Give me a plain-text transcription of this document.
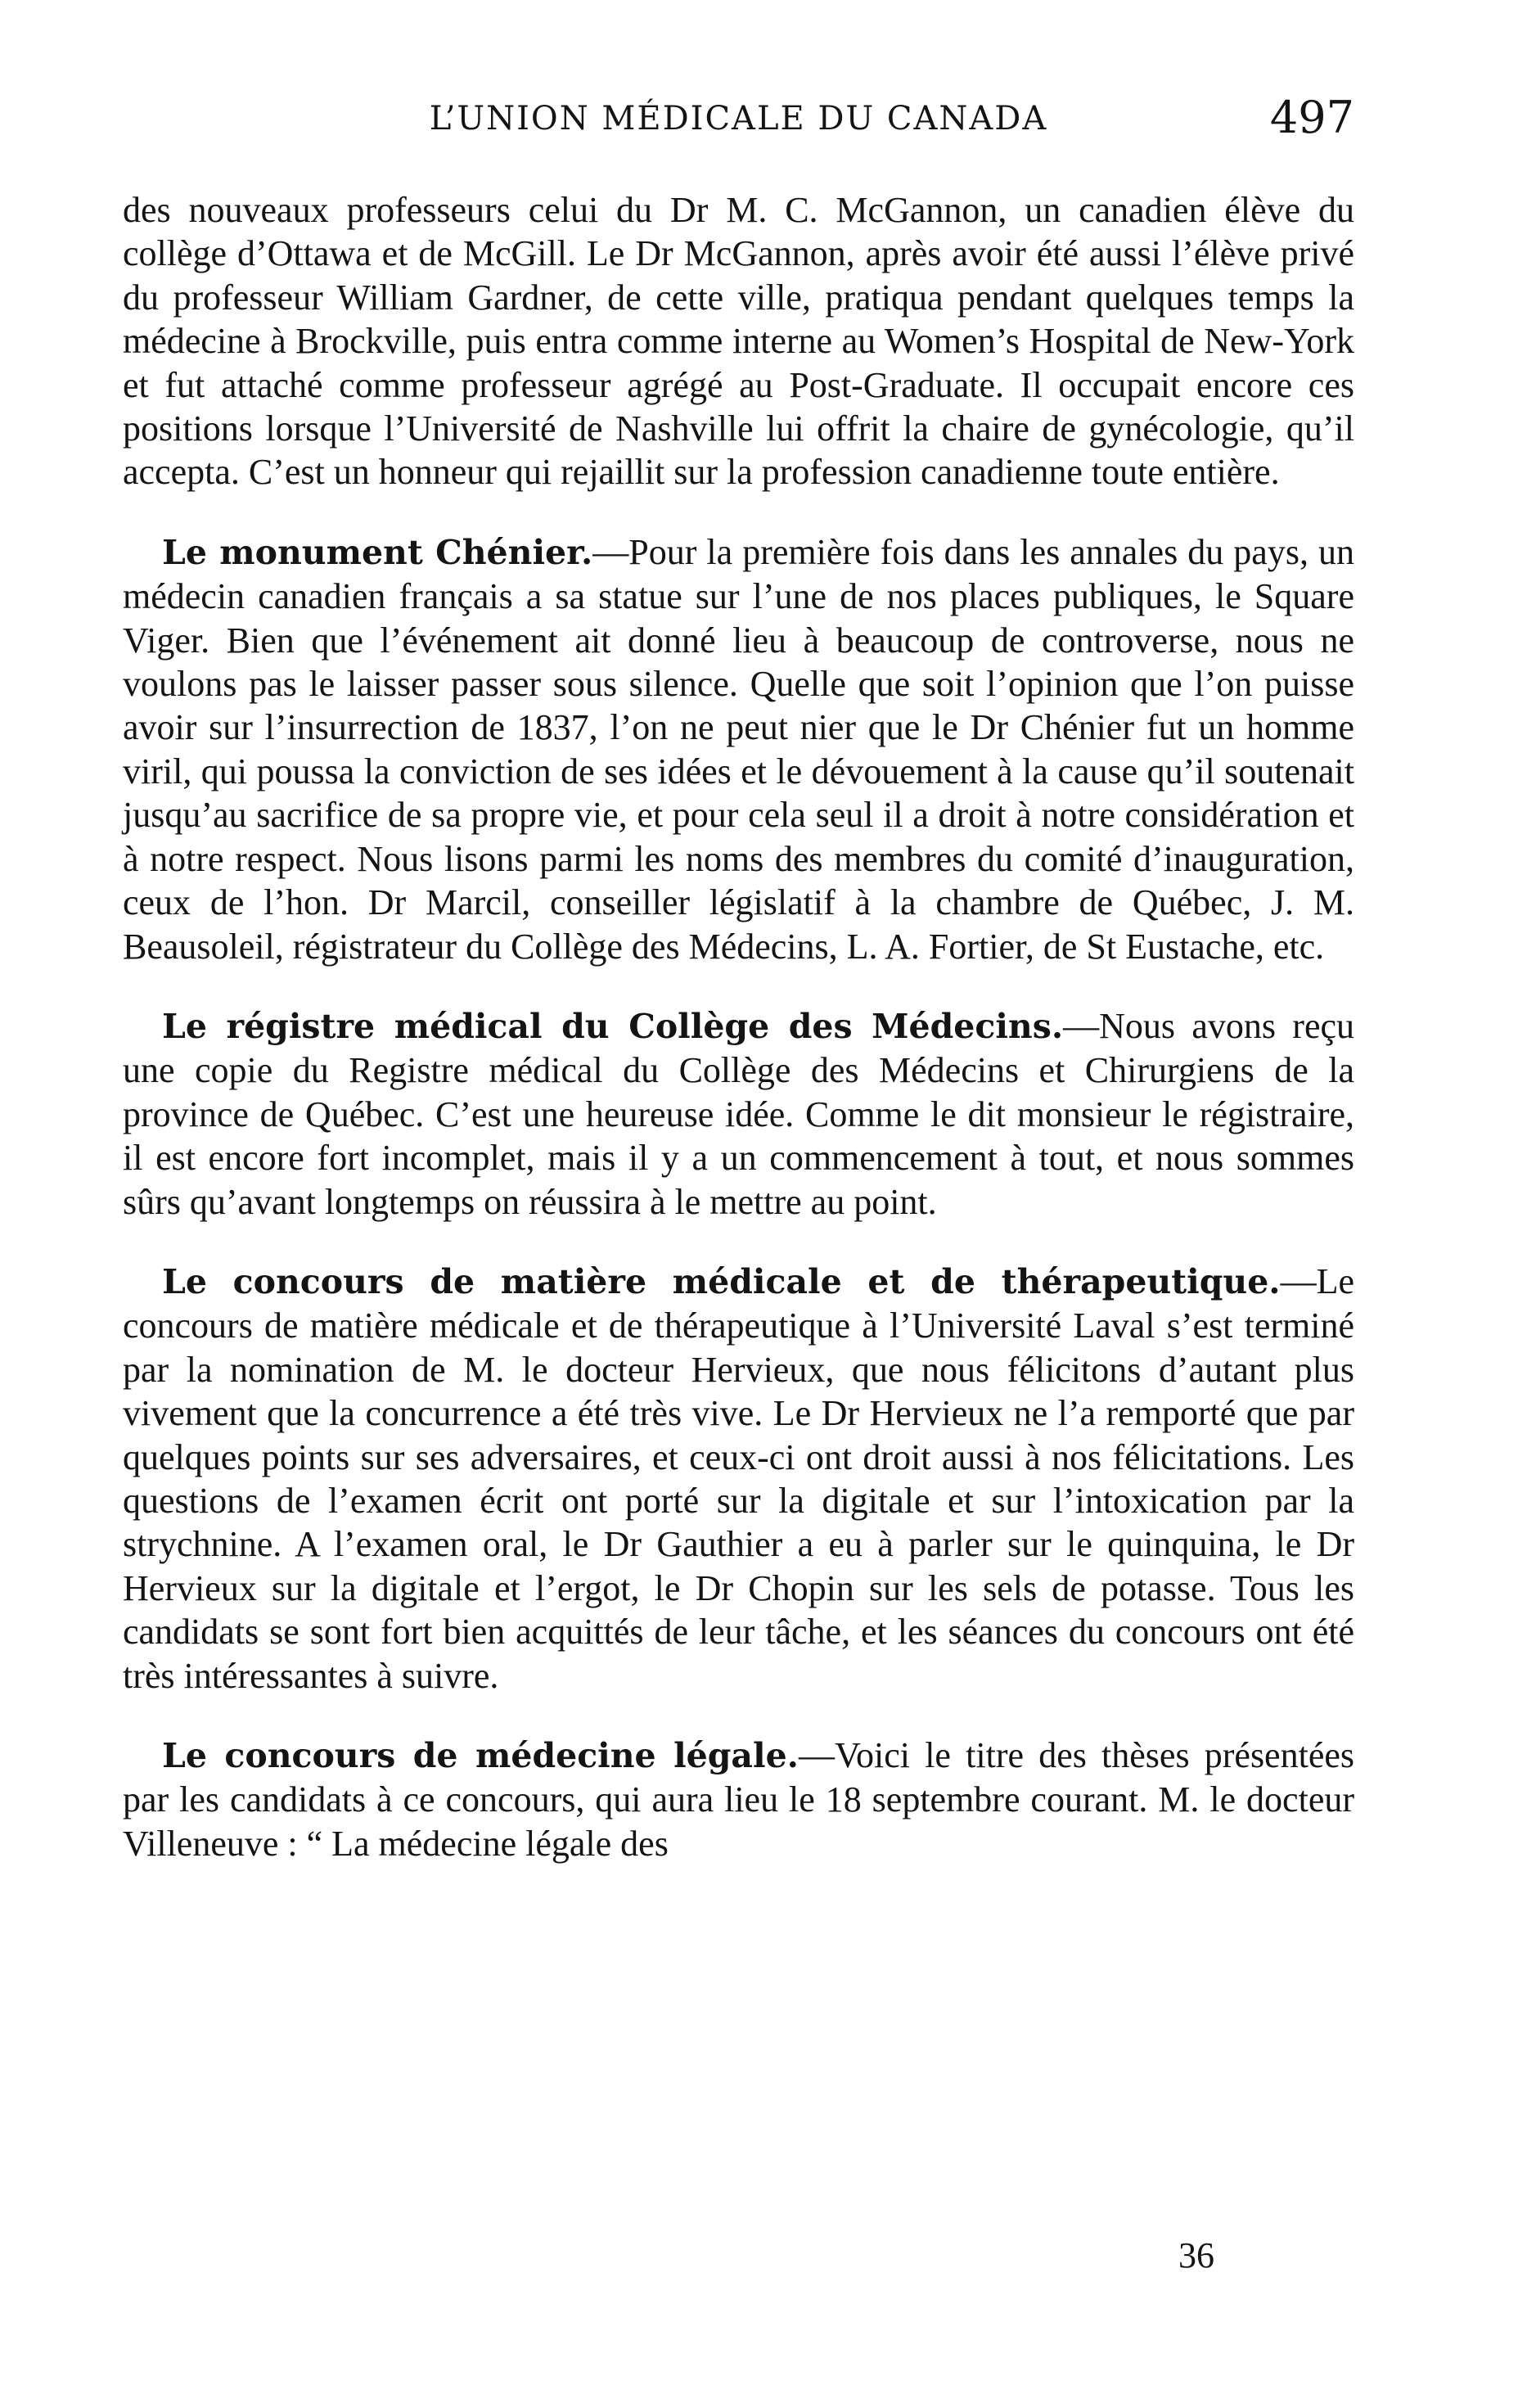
L’UNION MÉDICALE DU CANADA	497

des nouveaux professeurs celui du Dr M. C. McGannon, un canadien élève du collège d’Ottawa et de McGill. Le Dr McGannon, après avoir été aussi l’élève privé du professeur William Gardner, de cette ville, pratiqua pendant quelques temps la médecine à Brockville, puis entra comme interne au Women’s Hospital de New-York et fut attaché comme professeur agrégé au Post-Graduate. Il occupait encore ces positions lorsque l’Université de Nashville lui offrit la chaire de gynécologie, qu’il accepta. C’est un honneur qui rejaillit sur la profession canadienne toute entière.

Le monument Chénier.—Pour la première fois dans les annales du pays, un médecin canadien français a sa statue sur l’une de nos places publiques, le Square Viger. Bien que l’événement ait donné lieu à beaucoup de controverse, nous ne voulons pas le laisser passer sous silence. Quelle que soit l’opinion que l’on puisse avoir sur l’insurrection de 1837, l’on ne peut nier que le Dr Chénier fut un homme viril, qui poussa la conviction de ses idées et le dévouement à la cause qu’il soutenait jusqu’au sacrifice de sa propre vie, et pour cela seul il a droit à notre considération et à notre respect. Nous lisons parmi les noms des membres du comité d’inauguration, ceux de l’hon. Dr Marcil, conseiller législatif à la chambre de Québec, J. M. Beausoleil, régistrateur du Collège des Médecins, L. A. Fortier, de St Eustache, etc.

Le régistre médical du Collège des Médecins.—Nous avons reçu une copie du Registre médical du Collège des Médecins et Chirurgiens de la province de Québec. C’est une heureuse idée. Comme le dit monsieur le régistraire, il est encore fort incomplet, mais il y a un commencement à tout, et nous sommes sûrs qu’avant longtemps on réussira à le mettre au point.

Le concours de matière médicale et de thérapeutique.—Le concours de matière médicale et de thérapeutique à l’Université Laval s’est terminé par la nomination de M. le docteur Hervieux, que nous félicitons d’autant plus vivement que la concurrence a été très vive. Le Dr Hervieux ne l’a remporté que par quelques points sur ses adversaires, et ceux-ci ont droit aussi à nos félicitations. Les questions de l’examen écrit ont porté sur la digitale et sur l’intoxication par la strychnine. A l’examen oral, le Dr Gauthier a eu à parler sur le quinquina, le Dr Hervieux sur la digitale et l’ergot, le Dr Chopin sur les sels de potasse. Tous les candidats se sont fort bien acquittés de leur tâche, et les séances du concours ont été très intéressantes à suivre.

Le concours de médecine légale.—Voici le titre des thèses présentées par les candidats à ce concours, qui aura lieu le 18 septembre courant. M. le docteur Villeneuve : “ La médecine légale des

36
